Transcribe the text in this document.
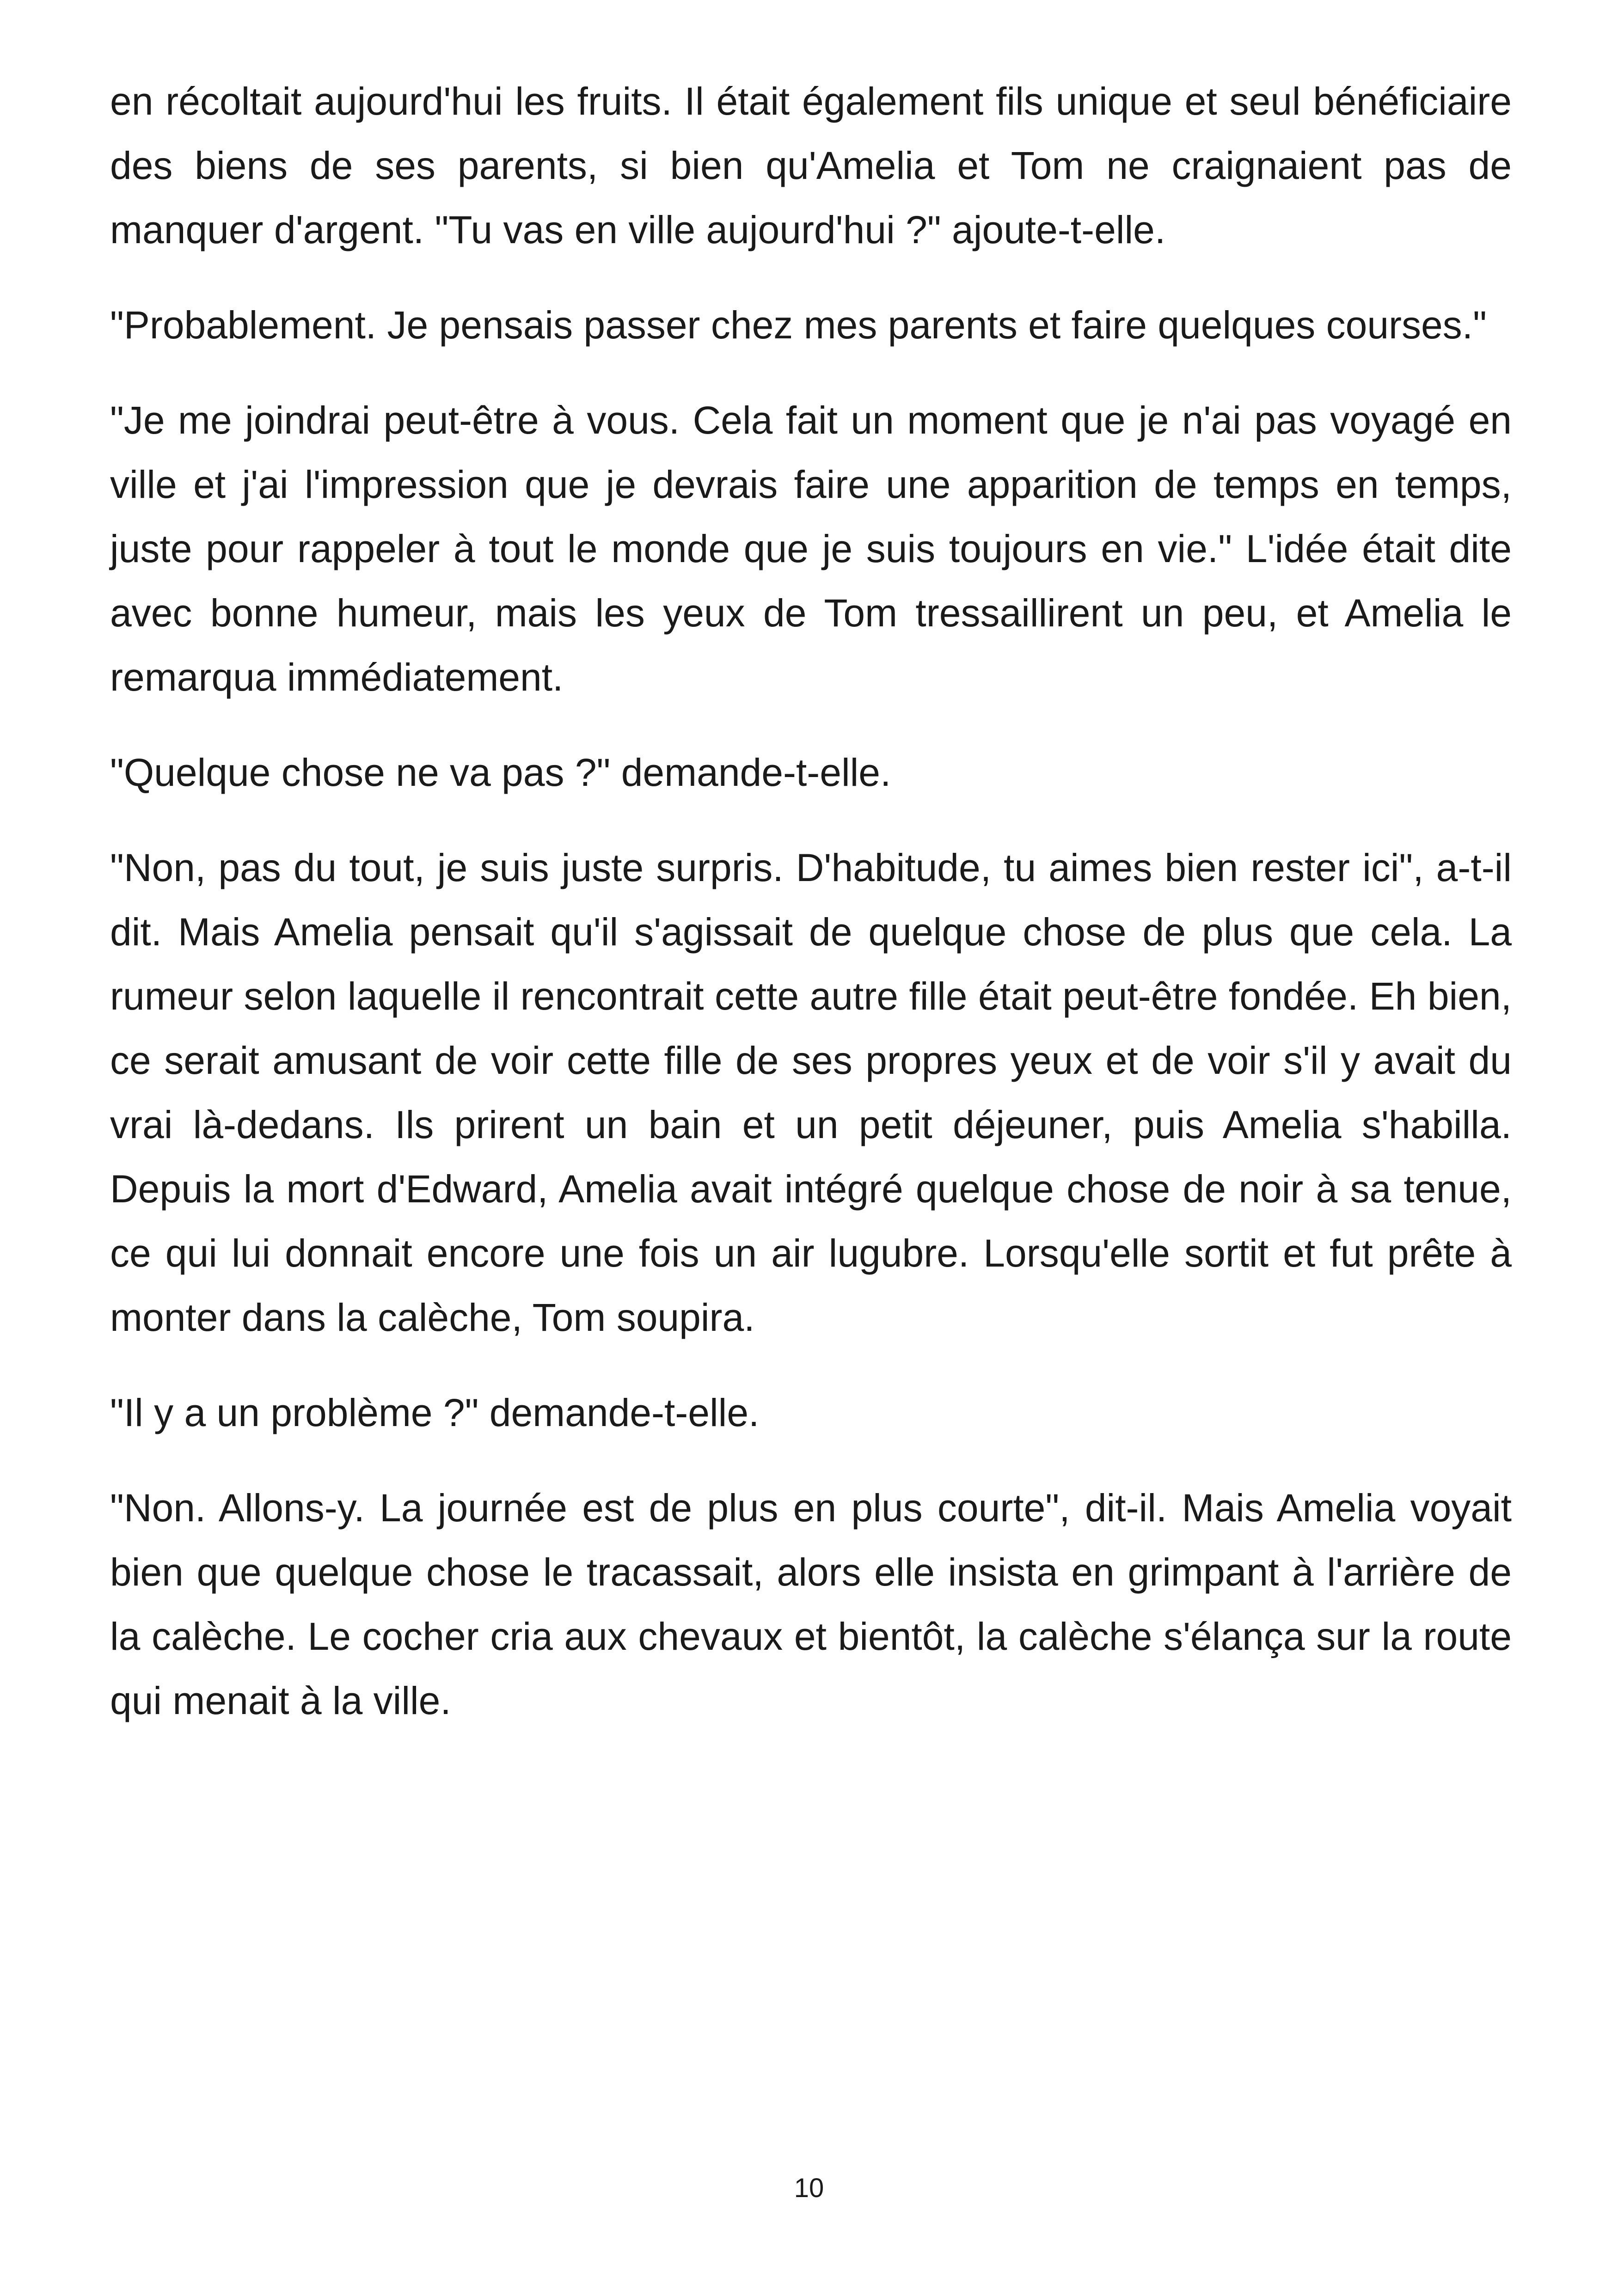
en récoltait aujourd'hui les fruits. Il était également fils unique et seul bénéficiaire des biens de ses parents, si bien qu'Amelia et Tom ne craignaient pas de manquer d'argent. "Tu vas en ville aujourd'hui ?" ajoute-t-elle.

"Probablement. Je pensais passer chez mes parents et faire quelques courses."

"Je me joindrai peut-être à vous. Cela fait un moment que je n'ai pas voyagé en ville et j'ai l'impression que je devrais faire une apparition de temps en temps, juste pour rappeler à tout le monde que je suis toujours en vie." L'idée était dite avec bonne humeur, mais les yeux de Tom tressaillirent un peu, et Amelia le remarqua immédiatement.

"Quelque chose ne va pas ?" demande-t-elle.

"Non, pas du tout, je suis juste surpris. D'habitude, tu aimes bien rester ici", a-t-il dit. Mais Amelia pensait qu'il s'agissait de quelque chose de plus que cela. La rumeur selon laquelle il rencontrait cette autre fille était peut-être fondée. Eh bien, ce serait amusant de voir cette fille de ses propres yeux et de voir s'il y avait du vrai là-dedans. Ils prirent un bain et un petit déjeuner, puis Amelia s'habilla. Depuis la mort d'Edward, Amelia avait intégré quelque chose de noir à sa tenue, ce qui lui donnait encore une fois un air lugubre. Lorsqu'elle sortit et fut prête à monter dans la calèche, Tom soupira.

"Il y a un problème ?" demande-t-elle.

"Non. Allons-y. La journée est de plus en plus courte", dit-il. Mais Amelia voyait bien que quelque chose le tracassait, alors elle insista en grimpant à l'arrière de la calèche. Le cocher cria aux chevaux et bientôt, la calèche s'élança sur la route qui menait à la ville.

10
